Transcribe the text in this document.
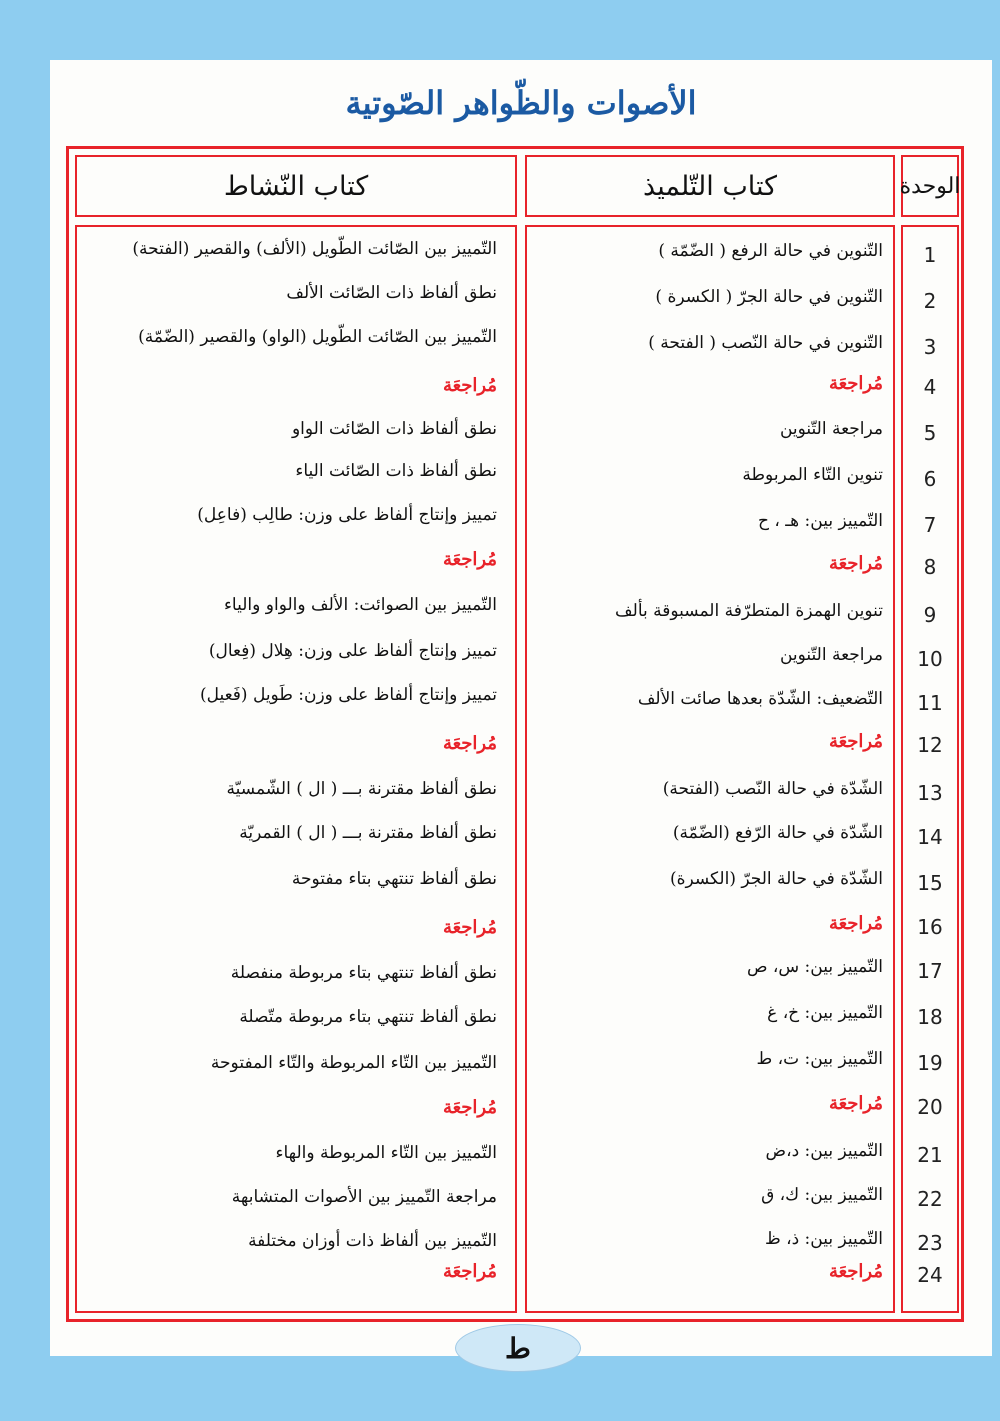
الأصوات والظّواهر الصّوتية
كتاب النّشاط	كتاب التّلميذ	الوحدة
التّمييز بين الصّائت الطّويل (الألف) والقصير (الفتحة)
نطق ألفاظ ذات الصّائت الألف
التّمييز بين الصّائت الطّويل (الواو) والقصير (الضّمّة)
مُراجعَة
نطق ألفاظ ذات الصّائت الواو
نطق ألفاظ ذات الصّائت الياء
تمييز وإنتاج ألفاظ على وزن: طالِب (فاعِل)
مُراجعَة
التّمييز بين الصوائت: الألف والواو والياء
تمييز وإنتاج ألفاظ على وزن: هِلال (فِعال)
تمييز وإنتاج ألفاظ على وزن: طَويل (فَعيل)
مُراجعَة
نطق ألفاظ مقترنة بـــ ( ال ) الشّمسيّة
نطق ألفاظ مقترنة بـــ ( ال ) القمريّة
نطق ألفاظ تنتهي بتاء مفتوحة
مُراجعَة
نطق ألفاظ تنتهي بتاء مربوطة منفصلة
نطق ألفاظ تنتهي بتاء مربوطة متّصلة
التّمييز بين التّاء المربوطة والتّاء المفتوحة
مُراجعَة
التّمييز بين التّاء المربوطة والهاء
مراجعة التّمييز بين الأصوات المتشابهة
التّمييز بين ألفاظ ذات أوزان مختلفة
مُراجعَة
التّنوين في حالة الرفع ( الضّمّة )
التّنوين في حالة الجرّ ( الكسرة )
التّنوين في حالة النّصب ( الفتحة )
مُراجعَة
مراجعة التّنوين
تنوين التّاء المربوطة
التّمييز بين: هـ ، ح
مُراجعَة
تنوين الهمزة المتطرّفة المسبوقة بألف
مراجعة التّنوين
التّضعيف: الشّدّة بعدها صائت الألف
مُراجعَة
الشّدّة في حالة النّصب (الفتحة)
الشّدّة في حالة الرّفع (الضّمّة)
الشّدّة في حالة الجرّ (الكسرة)
مُراجعَة
التّمييز بين: س، ص
التّمييز بين: خ، غ
التّمييز بين: ت، ط
مُراجعَة
التّمييز بين: د،ض
التّمييز بين: ك، ق
التّمييز بين: ذ، ظ
مُراجعَة
1
2
3
4
5
6
7
8
9
10
11
12
13
14
15
16
17
18
19
20
21
22
23
24
ط
